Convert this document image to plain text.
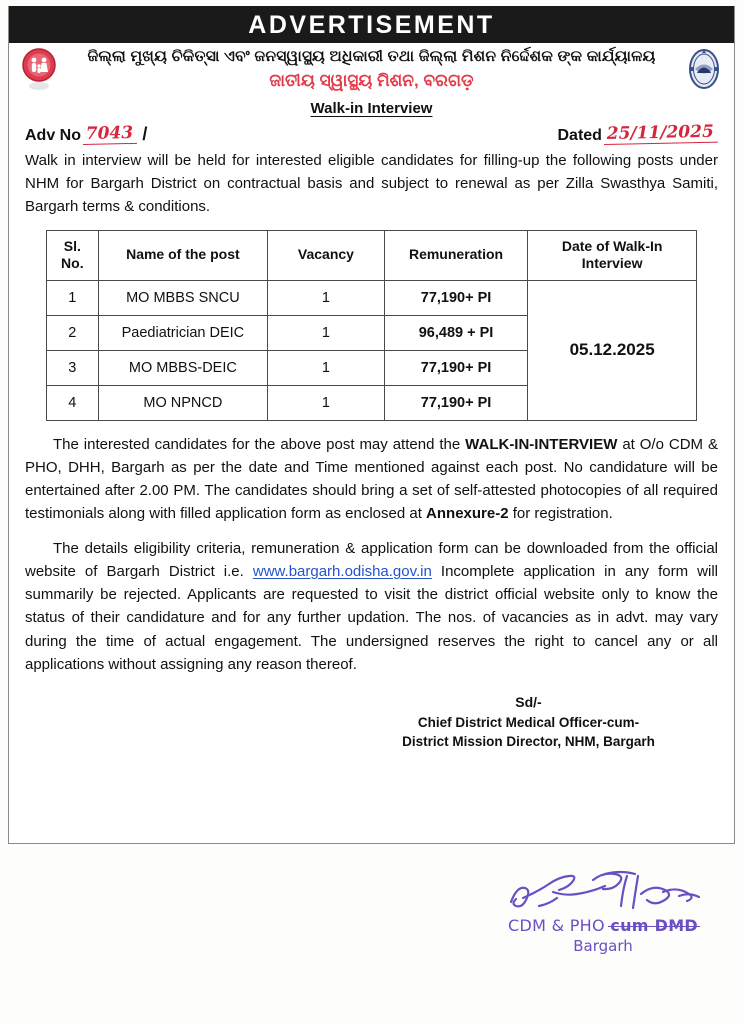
ADVERTISEMENT
ଜିଲ୍ଲା ମୁଖ୍ୟ ଚିକିତ୍ସା ଏବଂ ଜନସ୍ୱାସ୍ଥ୍ୟ ଅଧିକାରୀ ତଥା ଜିଲ୍ଲା ମିଶନ ନିର୍ଦ୍ଦେଶକ ଙ୍କ କାର୍ଯ୍ୟାଳୟ
ଜାତୀୟ ସ୍ୱାସ୍ଥ୍ୟ ମିଶନ, ବରଗଡ଼
Walk-in Interview
Adv No 7043 /	Dated 25/11/2025

Walk in interview will be held for interested eligible candidates for filling-up the following posts under NHM for Bargarh District on contractual basis and subject to renewal as per Zilla Swasthya Samiti, Bargarh terms & conditions.

Sl. No.	Name of the post	Vacancy	Remuneration	Date of Walk-In Interview
1	MO MBBS SNCU	1	77,190+ PI	05.12.2025
2	Paediatrician DEIC	1	96,489 + PI	
3	MO MBBS-DEIC	1	77,190+ PI	
4	MO NPNCD	1	77,190+ PI	

The interested candidates for the above post may attend the WALK-IN-INTERVIEW at O/o CDM & PHO, DHH, Bargarh as per the date and Time mentioned against each post. No candidature will be entertained after 2.00 PM. The candidates should bring a set of self-attested photocopies of all required testimonials along with filled application form as enclosed at Annexure-2 for registration.

The details eligibility criteria, remuneration & application form can be downloaded from the official website of Bargarh District i.e. www.bargarh.odisha.gov.in Incomplete application in any form will summarily be rejected. Applicants are requested to visit the district official website only to know the status of their candidature and for any further updation. The nos. of vacancies as in advt. may vary during the time of actual engagement. The undersigned reserves the right to cancel any or all applications without assigning any reason thereof.

Sd/-
Chief District Medical Officer-cum-
District Mission Director, NHM, Bargarh
CDM & PHO cum DMD
Bargarh
